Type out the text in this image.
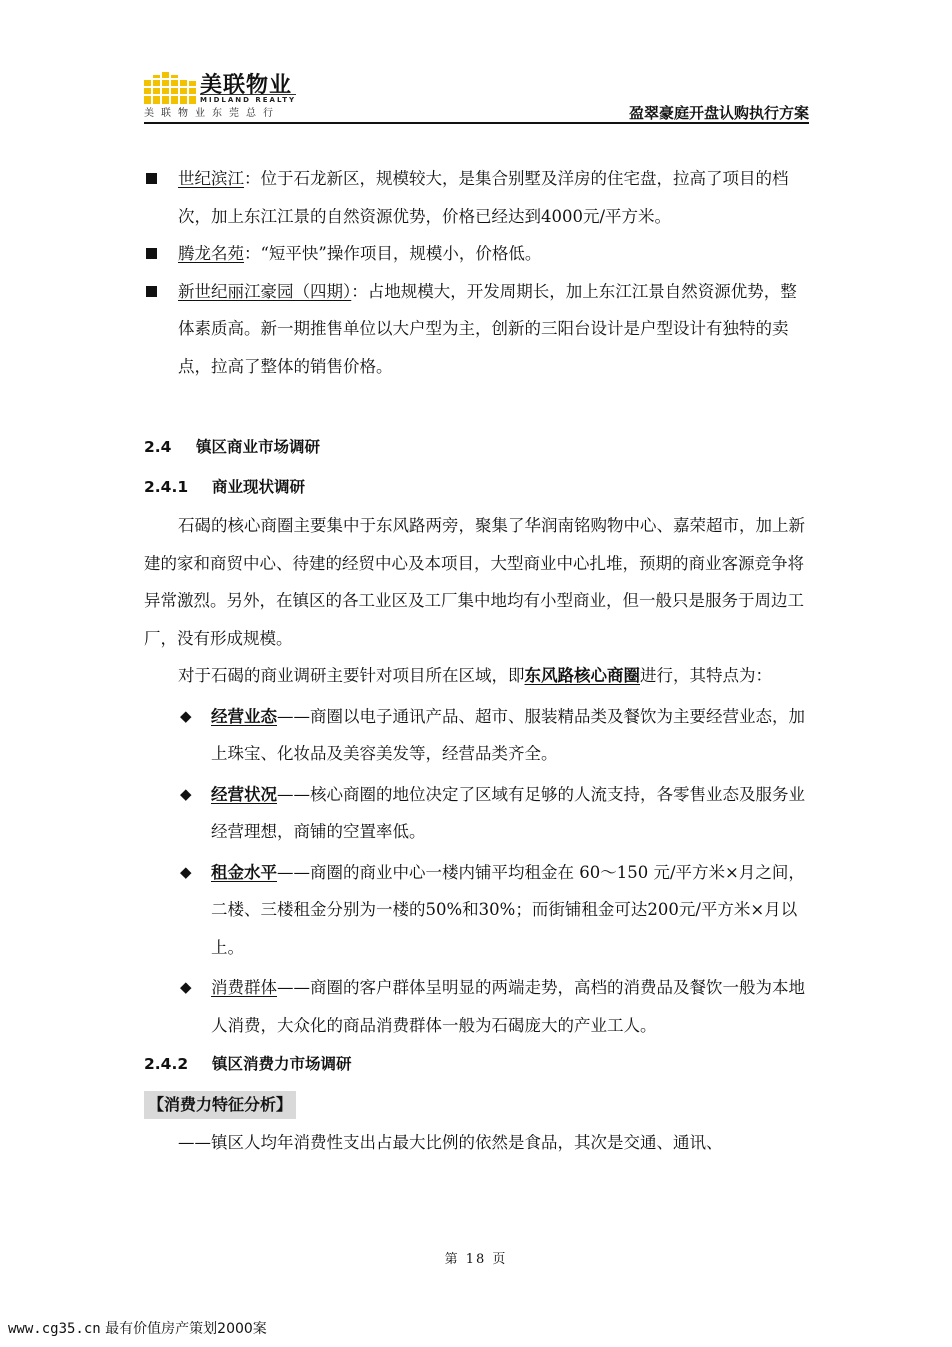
美联物业
MIDLAND REALTY
美联物业东莞总行	盈翠豪庭开盘认购执行方案
世纪滨江：位于石龙新区，规模较大，是集合别墅及洋房的住宅盘，拉高了项目的档次，加上东江江景的自然资源优势，价格已经达到4000元/平方米。
腾龙名苑：“短平快”操作项目，规模小，价格低。
新世纪丽江豪园（四期）：占地规模大，开发周期长，加上东江江景自然资源优势，整体素质高。新一期推售单位以大户型为主，创新的三阳台设计是户型设计有独特的卖点，拉高了整体的销售价格。
2.4 镇区商业市场调研
2.4.1 商业现状调研

石碣的核心商圈主要集中于东风路两旁，聚集了华润南铭购物中心、嘉荣超市，加上新建的家和商贸中心、待建的经贸中心及本项目，大型商业中心扎堆，预期的商业客源竞争将异常激烈。另外，在镇区的各工业区及工厂集中地均有小型商业，但一般只是服务于周边工厂，没有形成规模。

对于石碣的商业调研主要针对项目所在区域，即东风路核心商圈进行，其特点为：

◆ 经营业态——商圈以电子通讯产品、超市、服装精品类及餐饮为主要经营业态，加上珠宝、化妆品及美容美发等，经营品类齐全。
◆ 经营状况——核心商圈的地位决定了区域有足够的人流支持，各零售业态及服务业经营理想，商铺的空置率低。
◆ 租金水平——商圈的商业中心一楼内铺平均租金在 60～150 元/平方米×月之间，二楼、三楼租金分别为一楼的50%和30%；而街铺租金可达200元/平方米×月以上。
◆ 消费群体——商圈的客户群体呈明显的两端走势，高档的消费品及餐饮一般为本地人消费，大众化的商品消费群体一般为石碣庞大的产业工人。
2.4.2 镇区消费力市场调研
【消费力特征分析】

——镇区人均年消费性支出占最大比例的依然是食品，其次是交通、通讯、

第 18 页
www.cg35.cn 最有价值房产策划2000案
